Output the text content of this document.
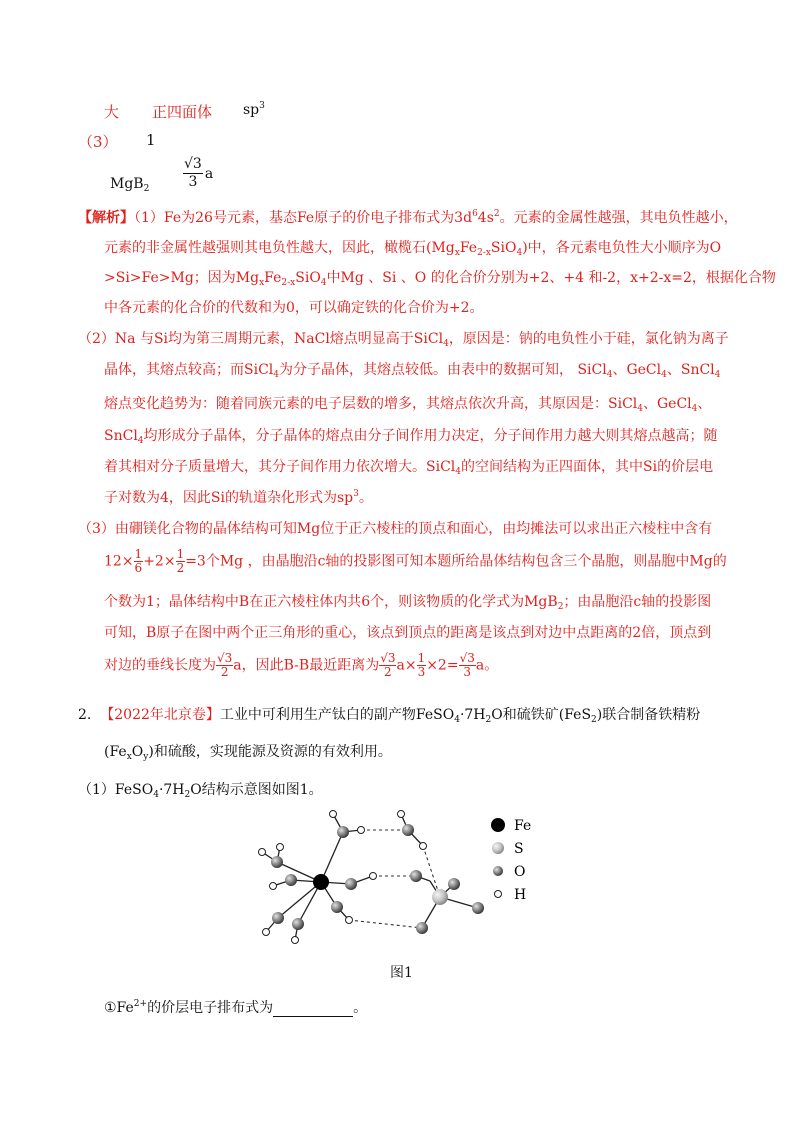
大 正四面体 $sp^3$
（3） 1
$MgB_2 \frac{√3}{3}$ a
【解析】（1）Fe为26号元素，基态Fe原子的价电子排布式为$3d^64s^2$。元素的金属性越强，其电负性越小，
元素的非金属性越强则其电负性越大，因此，橄榄石$(Mg_xFe_{2-x}SiO_4)$中，各元素电负性大小顺序为O
>Si>Fe>Mg；因为$Mg_xFe_{2-x}SiO_4$中Mg 、Si 、O 的化合价分别为+2、+4 和-2，x+2-x=2，根据化合物
中各元素的化合价的代数和为0，可以确定铁的化合价为+2。
（2）Na 与Si均为第三周期元素，NaCl熔点明显高于SiCl$_4$，原因是：钠的电负性小于硅，氯化钠为离子
晶体，其熔点较高；而SiCl$_4$为分子晶体，其熔点较低。由表中的数据可知， SiCl$_4$、GeCl$_4$、SnCl$_4$
熔点变化趋势为：随着同族元素的电子层数的增多，其熔点依次升高，其原因是：SiCl$_4$、GeCl$_4$、
SnCl$_4$均形成分子晶体，分子晶体的熔点由分子间作用力决定，分子间作用力越大则其熔点越高；随
着其相对分子质量增大，其分子间作用力依次增大。SiCl$_4$的空间结构为正四面体，其中Si的价层电
子对数为4，因此Si的轨道杂化形式为$sp^3$。
（3）由硼镁化合物的晶体结构可知Mg位于正六棱柱的顶点和面心，由均摊法可以求出正六棱柱中含有
$12\times \frac{1}{6} +2\times \frac{1}{2} =3$个Mg ，由晶胞沿c轴的投影图可知本题所给晶体结构包含三个晶胞，则晶胞中Mg的
个数为1；晶体结构中B在正六棱柱体内共6个，则该物质的化学式为MgB$_2$；由晶胞沿c轴的投影图
可知，B原子在图中两个正三角形的重心，该点到顶点的距离是该点到对边中点距离的2倍，顶点到
对边的垂线长度为 $\frac{√3}{2}$ a，因此B-B最近距离为 $\frac{√3}{2} a\times \frac{1}{3} \times 2= \frac{√3}{3}$ a。
2. 【2022年北京卷】工业中可利用生产钛白的副产物$FeSO_4\cdot 7H_2O$和硫铁矿(FeS$_2$)联合制备铁精粉
$(Fe_xO_y)$和硫酸，实现能源及资源的有效利用。
$(1)FeSO_4\cdot 7H_2O$结构示意图如图1。
Fe
S
O
H
图1
$①Fe^{2+}$的价层电子排布式为	。
